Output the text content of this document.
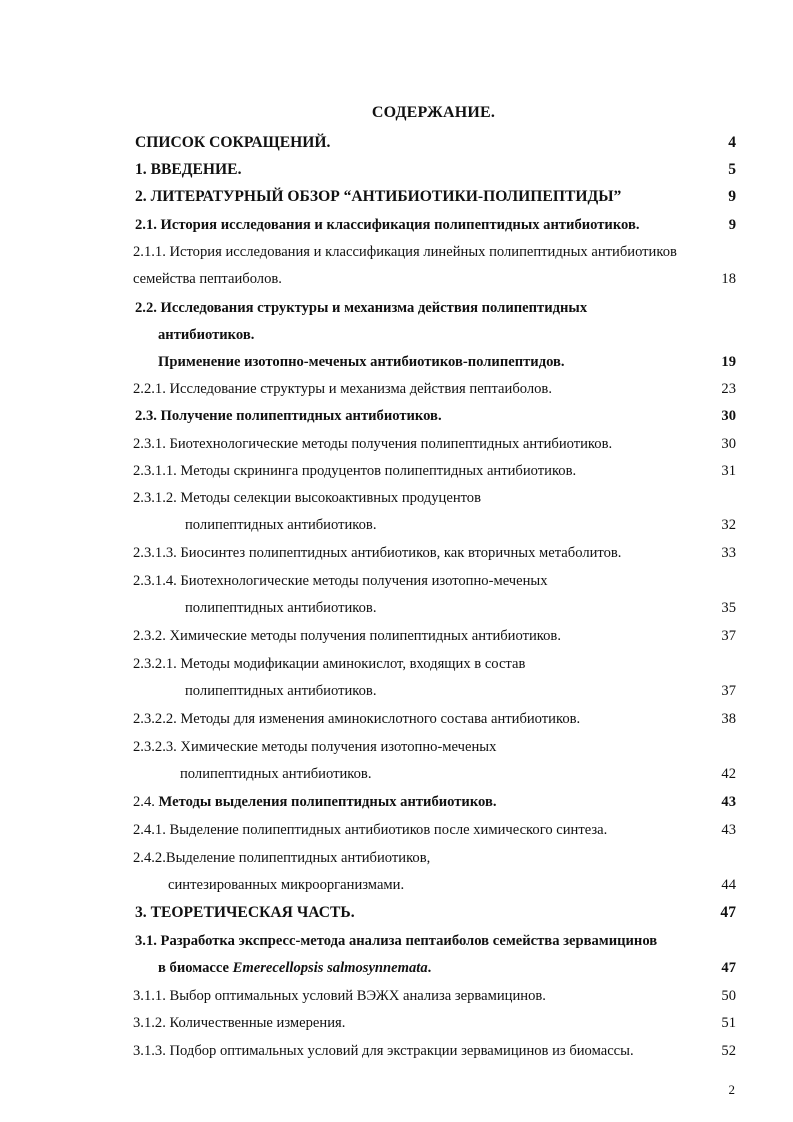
СОДЕРЖАНИЕ.
СПИСОК СОКРАЩЕНИЙ.	4
1. ВВЕДЕНИЕ.	5
2. ЛИТЕРАТУРНЫЙ ОБЗОР “АНТИБИОТИКИ-ПОЛИПЕПТИДЫ”	9
2.1. История исследования и классификация полипептидных антибиотиков.	9
2.1.1. История исследования и классификация линейных полипептидных антибиотиков
семейства пептаиболов.	18
2.2. Исследования структуры и механизма действия полипептидных
антибиотиков.
Применение изотопно-меченых антибиотиков-полипептидов.	19
2.2.1. Исследование структуры и механизма действия пептаиболов.	23
2.3. Получение полипептидных антибиотиков.	30
2.3.1. Биотехнологические методы получения полипептидных антибиотиков.	30
2.3.1.1. Методы скрининга продуцентов полипептидных антибиотиков.	31
2.3.1.2. Методы селекции высокоактивных продуцентов
полипептидных антибиотиков.	32
2.3.1.3. Биосинтез полипептидных антибиотиков, как вторичных метаболитов.	33
2.3.1.4. Биотехнологические методы получения изотопно-меченых
полипептидных антибиотиков.	35
2.3.2. Химические методы получения полипептидных антибиотиков.	37
2.3.2.1. Методы модификации аминокислот, входящих в состав
полипептидных антибиотиков.	37
2.3.2.2. Методы для изменения аминокислотного состава антибиотиков.	38
2.3.2.3. Химические методы получения изотопно-меченых
полипептидных антибиотиков.	42
2.4. Методы выделения полипептидных антибиотиков.	43
2.4.1. Выделение полипептидных антибиотиков после химического синтеза.	43
2.4.2.Выделение полипептидных антибиотиков,
синтезированных микроорганизмами.	44
3. ТЕОРЕТИЧЕСКАЯ ЧАСТЬ.	47
3.1. Разработка экспресс-метода анализа пептаиболов семейства зервамицинов
в биомассе Emerecellopsis salmosynnemata.	47
3.1.1. Выбор оптимальных условий ВЭЖХ анализа зервамицинов.	50
3.1.2. Количественные измерения.	51
3.1.3. Подбор оптимальных условий для экстракции зервамицинов из биомассы.	52
2
